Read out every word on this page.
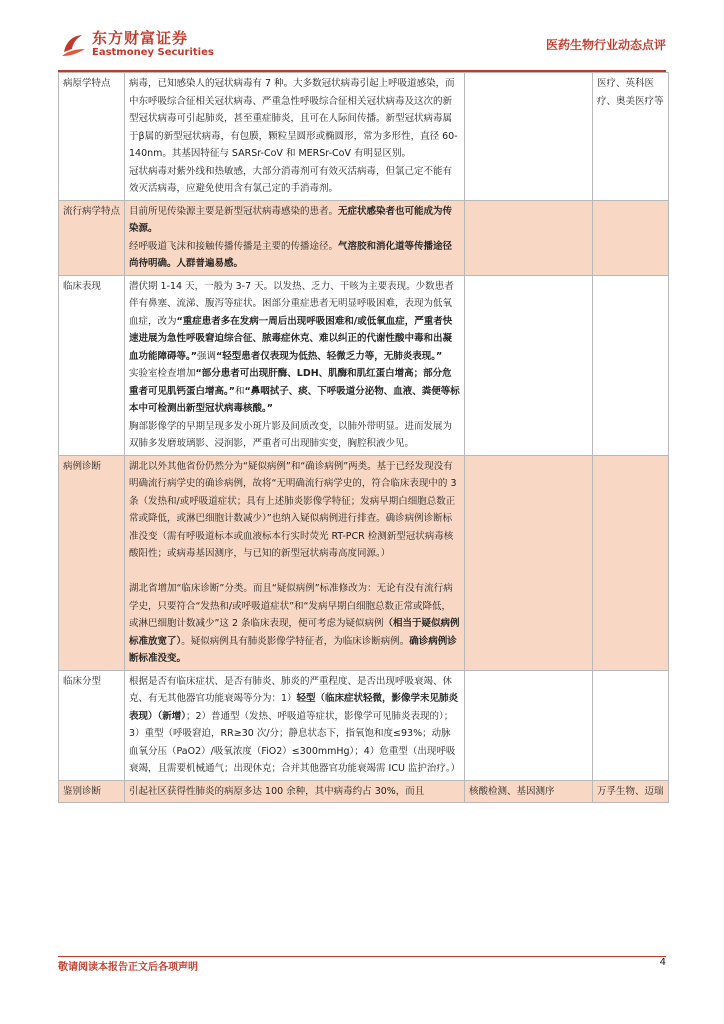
东方财富证券
Eastmoney Securities
医药生物行业动态点评
病原学特点	病毒，已知感染人的冠状病毒有 7 种。大多数冠状病毒引起上呼吸道感染，而中东呼吸综合征相关冠状病毒、严重急性呼吸综合征相关冠状病毒及这次的新型冠状病毒可引起肺炎，甚至重症肺炎，且可在人际间传播。新型冠状病毒属于β属的新型冠状病毒，有包膜，颗粒呈圆形或椭圆形，常为多形性，直径 60-140nm。其基因特征与 SARSr-CoV 和 MERSr-CoV 有明显区别。
冠状病毒对紫外线和热敏感，大部分消毒剂可有效灭活病毒，但氯己定不能有效灭活病毒，应避免使用含有氯己定的手消毒剂。		医疗、英科医疗、奥美医疗等
流行病学特点	目前所见传染源主要是新型冠状病毒感染的患者。无症状感染者也可能成为传染源。
经呼吸道飞沫和接触传播传播是主要的传播途径。气溶胶和消化道等传播途径尚待明确。人群普遍易感。		

临床表现	潜伏期 1-14 天，一般为 3-7 天。以发热、乏力、干咳为主要表现。少数患者伴有鼻塞、流涕、腹泻等症状。困部分重症患者无明显呼吸困难，表现为低氧血症，改为“重症患者多在发病一周后出现呼吸困难和/或低氧血症，严重者快速进展为急性呼吸窘迫综合征、脓毒症休克、难以纠正的代谢性酸中毒和出凝血功能障碍等。”强调“轻型患者仅表现为低热、轻微乏力等，无肺炎表现。”
实验室检查增加“部分患者可出现肝酶、LDH、肌酶和肌红蛋白增高；部分危重者可见肌钙蛋白增高。”和“鼻咽拭子、痰、下呼吸道分泌物、血液、粪便等标本中可检测出新型冠状病毒核酸。”
胸部影像学的早期呈现多发小斑片影及间质改变，以肺外带明显。进而发展为双肺多发磨玻璃影、浸润影，严重者可出现肺实变，胸腔积液少见。		

病例诊断	湖北以外其他省份仍然分为“疑似病例”和“确诊病例”两类。基于已经发现没有明确流行病学史的确诊病例，故将“无明确流行病学史的，符合临床表现中的 3 条（发热和/或呼吸道症状；具有上述肺炎影像学特征；发病早期白细胞总数正常或降低，或淋巴细胞计数减少）”也纳入疑似病例进行排查。确诊病例诊断标准没变（需有呼吸道标本或血液标本行实时荧光 RT-PCR 检测新型冠状病毒核酸阳性；或病毒基因测序，与已知的新型冠状病毒高度同源。）

湖北省增加“临床诊断”分类。而且“疑似病例”标准修改为：无论有没有流行病学史，只要符合“发热和/或呼吸道症状”和“发病早期白细胞总数正常或降低，或淋巴细胞计数减少”这 2 条临床表现，便可考虑为疑似病例（相当于疑似病例标准放宽了）。疑似病例具有肺炎影像学特征者，为临床诊断病例。确诊病例诊断标准没变。		

临床分型	根据是否有临床症状、是否有肺炎、肺炎的严重程度、是否出现呼吸衰竭、休克、有无其他器官功能衰竭等分为：1）轻型（临床症状轻微，影像学未见肺炎表现）（新增）；2）普通型（发热、呼吸道等症状，影像学可见肺炎表现的）；3）重型（呼吸窘迫，RR≥30 次/分；静息状态下，指氧饱和度≤93%；动脉血氧分压（PaO2）/吸氧浓度（FiO2）≤300mmHg）；4）危重型（出现呼吸衰竭，且需要机械通气；出现休克；合并其他器官功能衰竭需 ICU 监护治疗。）		

鉴别诊断	引起社区获得性肺炎的病原多达 100 余种，其中病毒约占 30%，而且	核酸检测、基因测序	万孚生物、迈瑞
敬请阅读本报告正文后各项声明	4
